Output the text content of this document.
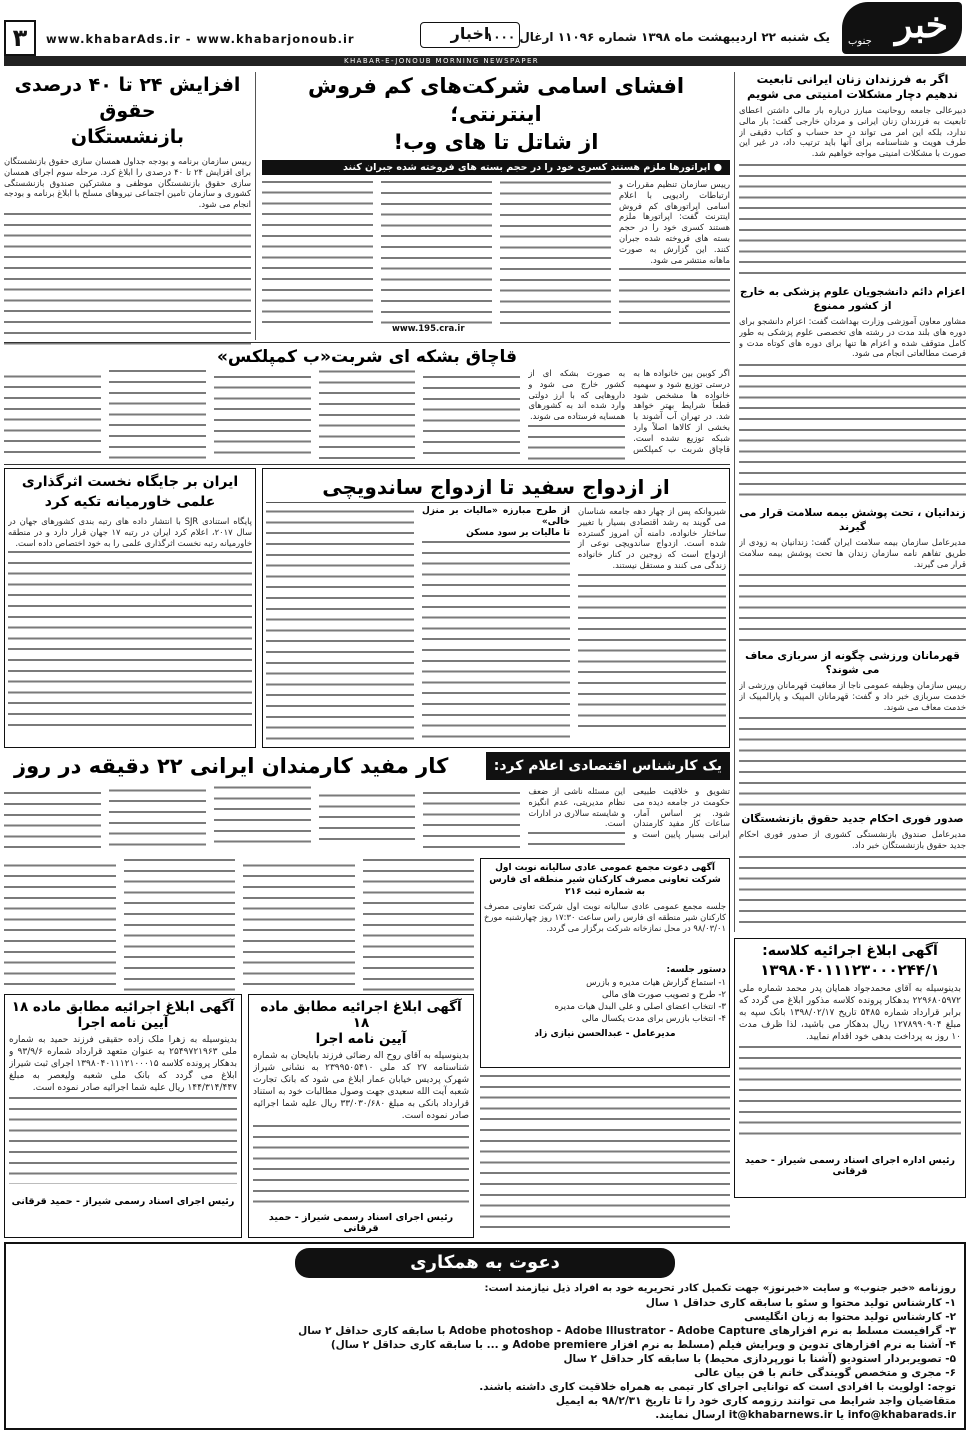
خبر
جنوب
یک شنبه ۲۲ اردیبهشت ماه ۱۳۹۸ شماره ۱۱۰۹۶ ارغال ۱۰۰۰
اخبار
www.khabarAds.ir - www.khabarjonoub.ir
۳
KHABAR-E-JONOUB MORNING NEWSPAPER
اگر به فرزندان زنان ایرانی تابعیت ندهیم دچار مشکلات امنیتی می شویم
دبیرعالی جامعه روحانیت مبارز دریاره بار مالی داشتن اعطای تابعیت به فرزندان زنان ایرانی و مردان خارجی گفت: بار مالی ندارد، بلکه این امر می تواند در حد حساب و کتاب دقیقی از طرف هویت و شناسنامه برای آنها باید ترتیب داد، در غیر این صورت با مشکلات امنیتی مواجه خواهیم شد.
اعزام دائم دانشجویان علوم پزشکی به خارج از کشور ممنوع
مشاور معاون آموزشی وزارت بهداشت گفت: اعزام دانشجو برای دوره های بلند مدت در رشته های تخصصی علوم پزشکی به طور کامل متوقف شده و اعزام ها تنها برای دوره های کوتاه مدت و فرصت مطالعاتی انجام می شود.
زندانیان ، تحت پوشش بیمه سلامت قرار می گیرند
مدیرعامل سازمان بیمه سلامت ایران گفت: زندانیان به زودی از طریق تفاهم نامه سازمان زندان ها تحت پوشش بیمه سلامت قرار می گیرند.
قهرمانان ورزشی چگونه از سربازی معاف می شوند؟
رییس سازمان وظیفه عمومی ناجا از معافیت قهرمانان ورزشی از خدمت سربازی خبر داد و گفت: قهرمانان المپیک و پارالمپیک از خدمت معاف می شوند.
صدور فوری احکام جدید حقوق بازنشستگان
مدیرعامل صندوق بازنشستگی کشوری از صدور فوری احکام جدید حقوق بازنشستگان خبر داد.
آگهی ابلاغ اجرائیه کلاسه:
۱۳۹۸۰۴۰۱۱۱۲۳۰۰۰۲۴۴/۱
بدینوسیله به آقای محمدجواد همایان پدر محمد شماره ملی ۲۲۹۶۸۰۵۹۷۲ بدهکار پرونده کلاسه مذکور ابلاغ می گردد که برابر قرارداد شماره ۵۴۸۵ تاریخ ۱۳۹۸/۰۲/۱۷ بانک سپه به مبلغ ۱۲۷۸۹۹۰۹۰۴ ریال بدهکار می باشید، لذا ظرف مدت ۱۰ روز به پرداخت بدهی خود اقدام نمایید.
رئیس اداره اجرای اسناد رسمی شیراز - حمید قرقانی
افشای اسامی شرکت‌های کم فروش اینترنتی؛
از شاتل تا های وب!
● اپراتورها ملزم هستند کسری خود را در حجم بسته های فروخته شده جبران کنند
رییس سازمان تنظیم مقررات و ارتباطات رادیویی با اعلام اسامی اپراتورهای کم فروش اینترنت گفت: اپراتورها ملزم هستند کسری خود را در حجم بسته های فروخته شده جبران کنند. این گزارش به صورت ماهانه منتشر می شود.
www.195.cra.ir
افزایش ۲۴ تا ۴۰ درصدی حقوق
بازنشستگان
رییس سازمان برنامه و بودجه جداول همسان سازی حقوق بازنشستگان برای افزایش ۲۴ تا ۴۰ درصدی را ابلاغ کرد. مرحله سوم اجرای همسان سازی حقوق بازنشستگان موظفی و مشترکین صندوق بازنشستگی کشوری و سازمان تامین اجتماعی نیروهای مسلح با ابلاغ برنامه و بودجه انجام می شود.
قاچاق بشکه ای شربت«ب کمپلکس»
اگر کوبین بین خانواده ها به درستی توزیع شود و سهمیه خانواده ها مشخص شود قطعاً شرایط بهتر خواهد شد. در تهران آب آشوند با بخشی از کالاها اصلاً وارد شبکه توزیع نشده است. قاچاق شربت ب کمپلکس به صورت بشکه ای از کشور خارج می شود و داروهایی که با ارز دولتی وارد شده اند به کشورهای همسایه فرستاده می شوند.
از ازدواج سفید تا ازدواج ساندویچی
شیروانکه پس از چهار دهه جامعه شناسان می گویند به رشد اقتصادی بسیار با تغییر ساختار خانواده، دامنه آن امروز گسترده شده است. ازدواج ساندویچی نوعی از ازدواج است که زوجین در کنار خانواده زندگی می کنند و مستقل نیستند.
از طرح مبارزه «مالیات بر منزل خالی»
تا مالیات بر سود مسکن
ایران بر جایگاه نخست اثرگذاری
علمی خاورمیانه تکیه کرد
پایگاه استنادی SJR با انتشار داده های رتبه بندی کشورهای جهان در سال ۲۰۱۷، اعلام کرد ایران در رتبه ۱۷ جهان قرار دارد و در منطقه خاورمیانه رتبه نخست اثرگذاری علمی را به خود اختصاص داده است.
یک کارشناس اقتصادی اعلام کرد:
کار مفید کارمندان ایرانی ۲۲ دقیقه در روز
تشویق و خلاقیت طبیعی حکومت در جامعه دیده می شود. بر اساس آمار، ساعات کار مفید کارمندان ایرانی بسیار پایین است و این مسئله ناشی از ضعف نظام مدیریتی، عدم انگیزه و شایسته سالاری در ادارات است.
آگهی دعوت مجمع عمومی عادی سالیانه نوبت اول شرکت تعاونی مصرف کارکنان شیر منطقه ای فارس به شماره ثبت ۲۱۶
جلسه مجمع عمومی عادی سالیانه نوبت اول شرکت تعاونی مصرف کارکنان شیر منطقه ای فارس راس ساعت ۱۷:۳۰ روز چهارشنبه مورخ ۹۸/۰۳/۰۱ در محل نمازخانه شرکت برگزار می گردد.
دستور جلسه:
۱- استماع گزارش هیات مدیره و بازرس
۲- طرح و تصویب صورت های مالی
۳- انتخاب اعضای اصلی و علی البدل هیات مدیره
۴- انتخاب بازرس برای مدت یکسال مالی
مدیرعامل - عبدالحسن نیازی زاد
آگهی ابلاغ اجرائیه مطابق ماده ۱۸
آیین نامه اجرا
بدینوسیله به آقای روح اله رضائی فرزند بابایحان به شماره شناسنامه ۲۷ کد ملی ۲۳۹۹۵۰۵۴۱۰ به نشانی شیراز شهرک پردیس خیابان عمار ابلاغ می شود که بانک تجارت شعبه آیت الله سعیدی جهت وصول مطالبات خود به استناد قرارداد بانکی به مبلغ ۳۳/۰۳۰/۶۸۰ ریال علیه شما اجرائیه صادر نموده است.
رئیس اجرای اسناد رسمی شیراز - حمید قرقانی
آگهی ابلاغ اجرائیه مطابق ماده ۱۸
آیین نامه اجرا
بدینوسیله به زهرا ملک زاده حقیقی فرزند حمید به شماره ملی ۲۵۴۹۷۲۱۹۶۳ به عنوان متعهد قرارداد شماره ۹۳/۹/۶ و بدهکار پرونده کلاسه ۱۳۹۸۰۴۰۱۱۱۲۱۰۰۰۱۵ اجرای ثبت شیراز ابلاغ می گردد که بانک ملی شعبه ولیعصر به مبلغ ۱۴۴/۳۱۴/۴۴۷ ریال علیه شما اجرائیه صادر نموده است.
رئیس اجرای اسناد رسمی شیراز - حمید قرقانی
دعوت به همکاری
روزنامه «خبر جنوب» و سایت «خبرنوز» جهت تکمیل کادر تحریریه خود به افراد ذیل نیازمند است:
۱- کارشناس تولید محتوا و سئو با سابقه کاری حداقل ۱ سال
۲- کارشناس تولید محتوا به زبان انگلیسی
۳- گرافیست مسلط به نرم افزارهای Adobe photoshop - Adobe Illustrator - Adobe Capture با سابقه کاری حداقل ۲ سال
۴- آشنا به نرم افزارهای تدوین و ویرایش فیلم (مسلط به نرم افزار Adobe premiere و ... با سابقه کاری حداقل ۲ سال)
۵- تصویربردار استودیو (آشنا با نورپردازی محیط) با سابقه کار حداقل ۲ سال
۶- مجری و متخصص گویندگی خانم با فن بیان عالی
توجه: اولویت با افرادی است که توانایی اجرای کار تیمی به همراه خلاقیت کاری داشته باشند.
متقاضیان واجد شرایط می توانند رزومه کاری خود را تا تاریخ ۹۸/۲/۳۱ به ایمیل
info@khabarads.ir یا it@khabarnews.ir ارسال نمایند.
